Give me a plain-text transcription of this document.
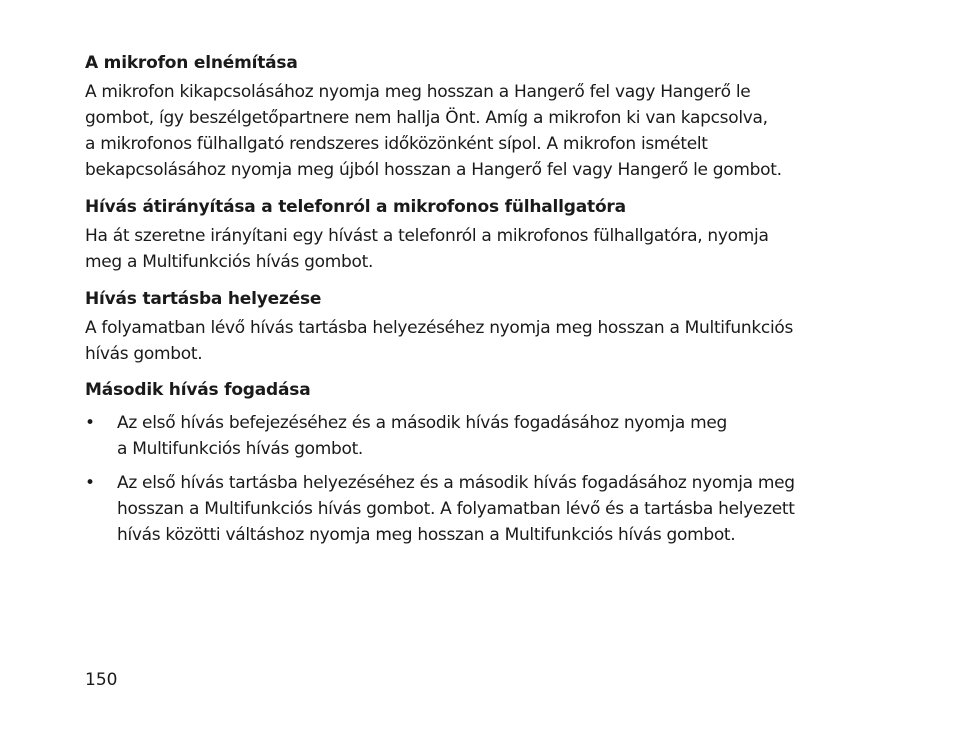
A mikrofon elnémítása

A mikrofon kikapcsolásához nyomja meg hosszan a Hangerő fel vagy Hangerő le
gombot, így beszélgetőpartnere nem hallja Önt. Amíg a mikrofon ki van kapcsolva,
a mikrofonos fülhallgató rendszeres időközönként sípol. A mikrofon ismételt
bekapcsolásához nyomja meg újból hosszan a Hangerő fel vagy Hangerő le gombot.

Hívás átirányítása a telefonról a mikrofonos fülhallgatóra

Ha át szeretne irányítani egy hívást a telefonról a mikrofonos fülhallgatóra, nyomja
meg a Multifunkciós hívás gombot.

Hívás tartásba helyezése

A folyamatban lévő hívás tartásba helyezéséhez nyomja meg hosszan a Multifunkciós
hívás gombot.

Második hívás fogadása
• Az első hívás befejezéséhez és a második hívás fogadásához nyomja meg
a Multifunkciós hívás gombot.
• Az első hívás tartásba helyezéséhez és a második hívás fogadásához nyomja meg
hosszan a Multifunkciós hívás gombot. A folyamatban lévő és a tartásba helyezett
hívás közötti váltáshoz nyomja meg hosszan a Multifunkciós hívás gombot.
150
